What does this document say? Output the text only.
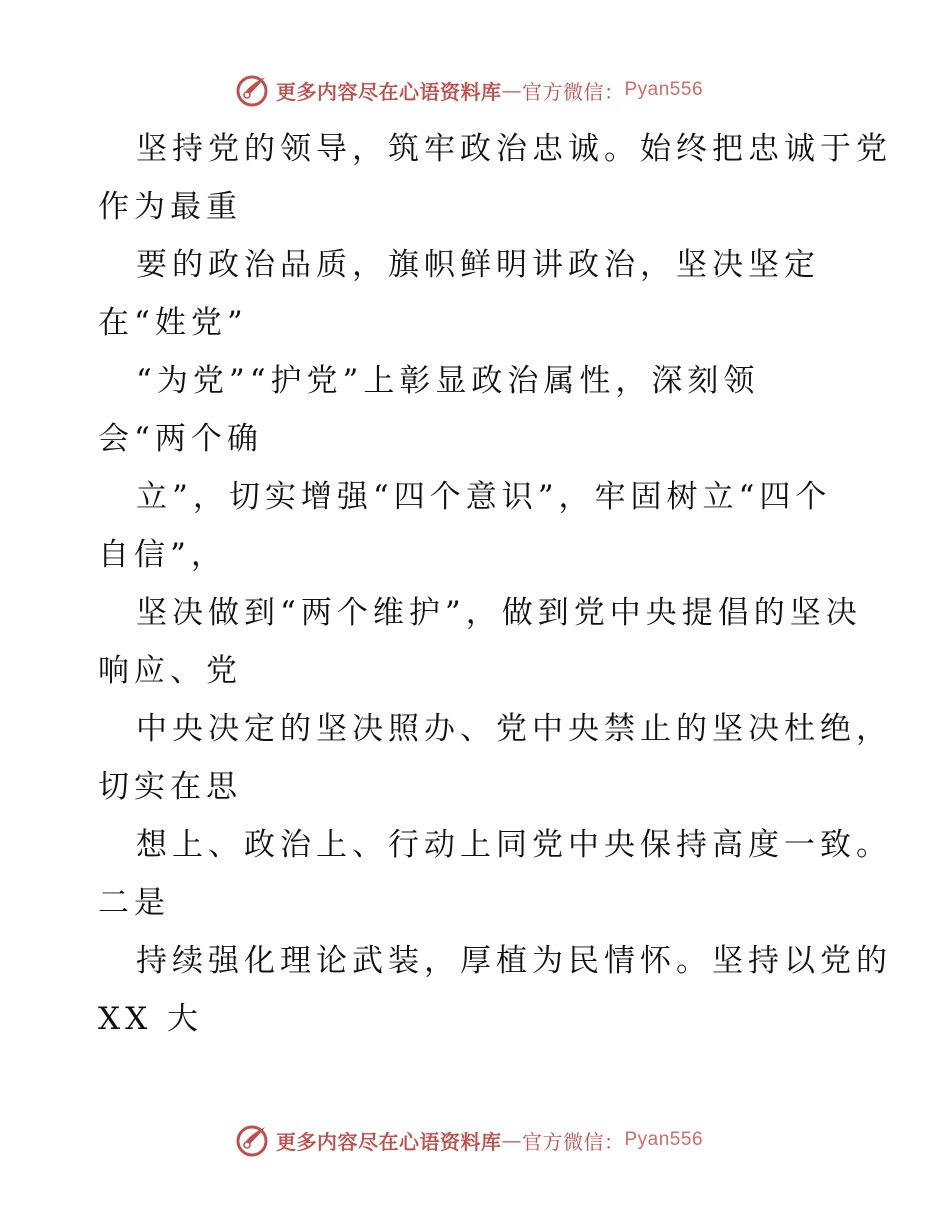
更多内容尽在心语资料库 — 官方微信： Pyan556

坚持党的领导，筑牢政治忠诚。始终把忠诚于党

作为最重

要的政治品质，旗帜鲜明讲政治，坚决坚定

在“姓党”

“为党”“护党”上彰显政治属性，深刻领

会“两个确

立”，切实增强“四个意识”，牢固树立“四个

自信”，

坚决做到“两个维护”，做到党中央提倡的坚决

响应、党

中央决定的坚决照办、党中央禁止的坚决杜绝，

切实在思

想上、政治上、行动上同党中央保持高度一致。

二是

持续强化理论武装，厚植为民情怀。坚持以党的

XX 大

更多内容尽在心语资料库 — 官方微信： Pyan556
